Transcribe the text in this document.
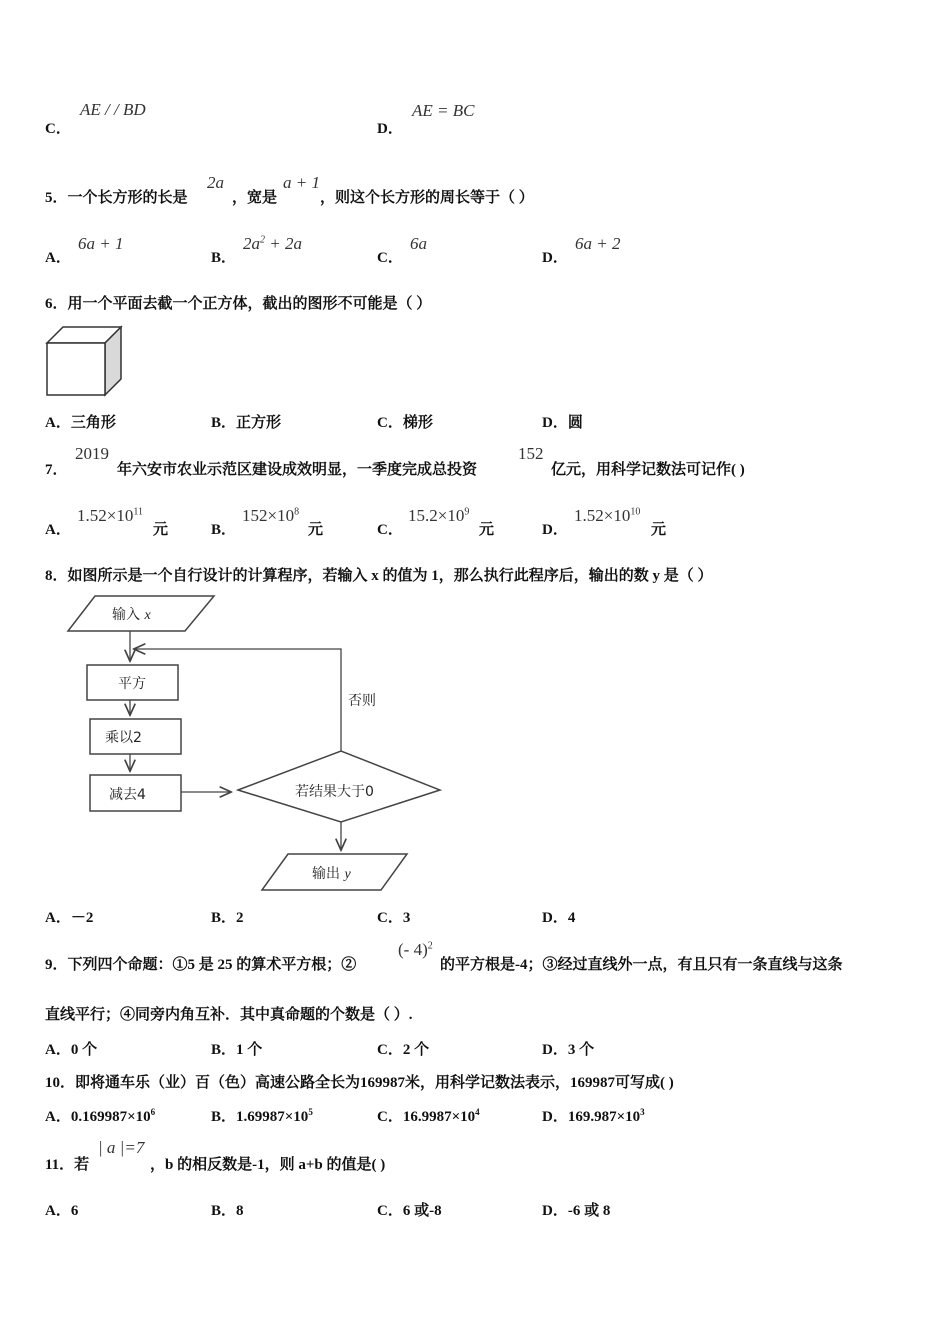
C．
AE / / BD
D．
AE = BC
5．一个长方形的长是
2a
，宽是
a + 1
，则这个长方形的周长等于（ ）
A．
6a + 1
B．
$2a^2 + 2a$
C．
6a
D．
6a + 2
6．用一个平面去截一个正方体，截出的图形不可能是（ ）
A．三角形	B．正方形	C．梯形	D．圆
7．
2019
年六安市农业示范区建设成效明显，一季度完成总投资
152
亿元，用科学记数法可记作( )
A．
$1.52\times 10^{11}$
元	B．
$152\times 10^8$
元	C．
$15.2\times 10^9$
元	D．
$1.52\times 10^{10}$
元
8．如图所示是一个自行设计的计算程序，若输入 x 的值为 1，那么执行此程序后，输出的数 y 是（ ）
输入 x
平方
乘以2
减去4	若结果大于0
否则
输出 y
A．－2	B．2	C．3	D．4
9．下列四个命题：①5 是 25 的算术平方根；②
(- 4)$^2$
的平方根是-4；③经过直线外一点，有且只有一条直线与这条
直线平行；④同旁内角互补．其中真命题的个数是（ ）.
A．0 个	B．1 个	C．2 个	D．3 个
10．即将通车乐（业）百（色）高速公路全长为169987米，用科学记数法表示，169987可写成( )
A．$0.169987\times 10^6$	B．$1.69987\times 10^5$	C．$16.9987\times 10^4$	D．$169.987\times 10^3$
11．若
| a |=7
，b 的相反数是-1，则 a+b 的值是( )
A．6	B．8	C．6 或-8	D．-6 或 8
